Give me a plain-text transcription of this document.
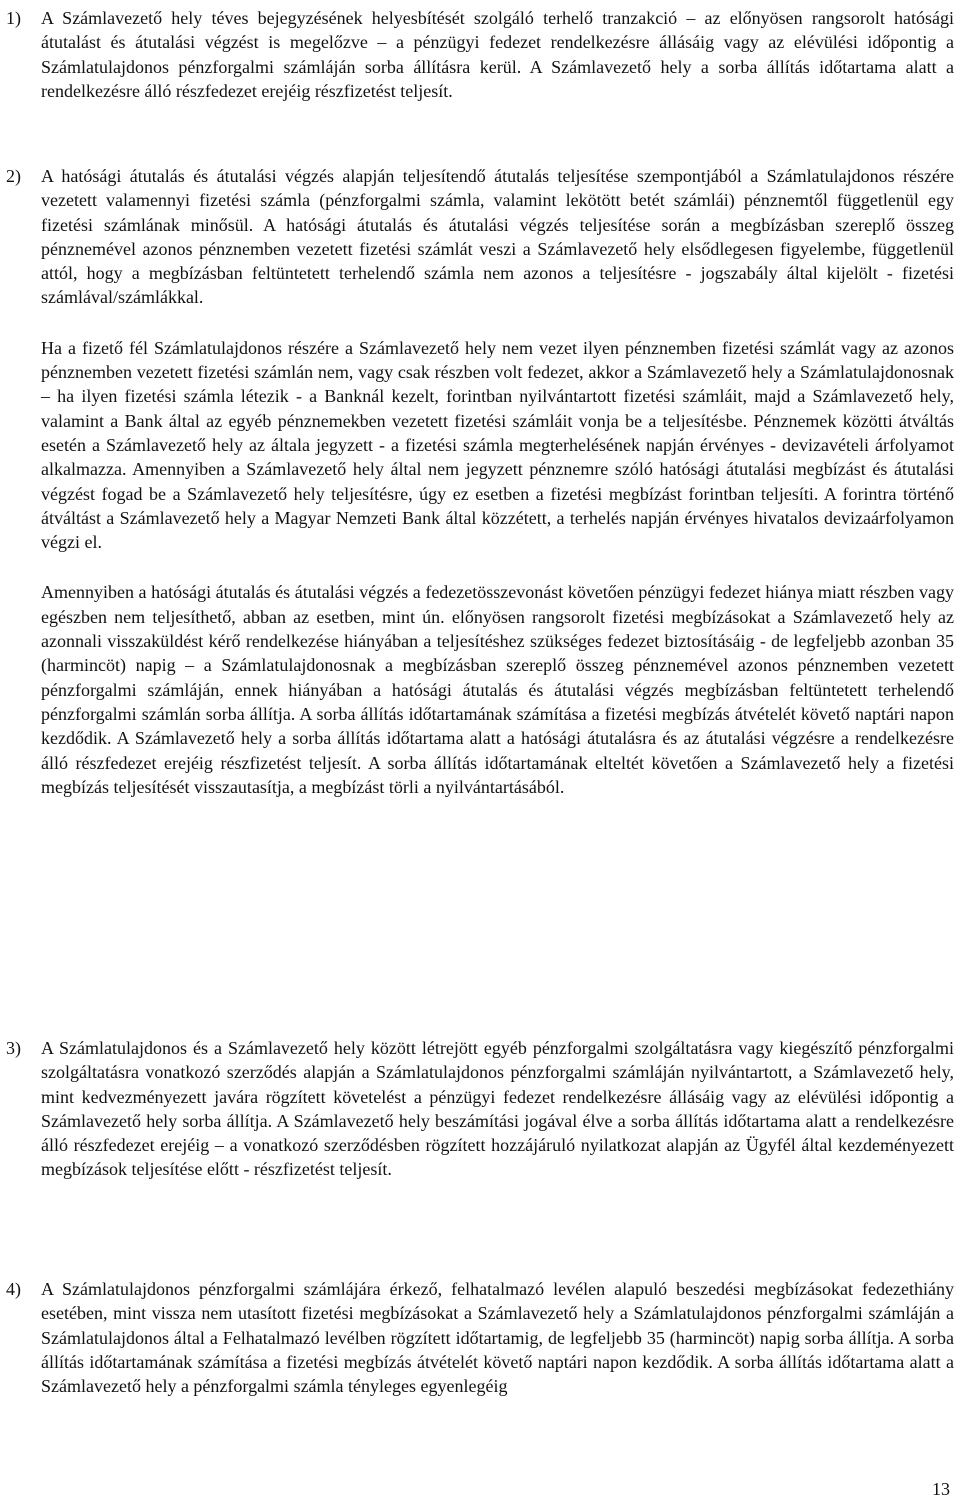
1)	A Számlavezető hely téves bejegyzésének helyesbítését szolgáló terhelő tranzakció – az előnyösen rangsorolt hatósági átutalást és átutalási végzést is megelőzve – a pénzügyi fedezet rendelkezésre állásáig vagy az elévülési időpontig a Számlatulajdonos pénzforgalmi számláján sorba állításra kerül. A Számlavezető hely a sorba állítás időtartama alatt a rendelkezésre álló részfedezet erejéig részfizetést teljesít.

2)	A hatósági átutalás és átutalási végzés alapján teljesítendő átutalás teljesítése szempontjából a Számlatulajdonos részére vezetett valamennyi fizetési számla (pénzforgalmi számla, valamint lekötött betét számlái) pénznemtől függetlenül egy fizetési számlának minősül. A hatósági átutalás és átutalási végzés teljesítése során a megbízásban szereplő összeg pénznemével azonos pénznemben vezetett fizetési számlát veszi a Számlavezető hely elsődlegesen figyelembe, függetlenül attól, hogy a megbízásban feltüntetett terhelendő számla nem azonos a teljesítésre - jogszabály által kijelölt - fizetési számlával/számlákkal.

Ha a fizető fél Számlatulajdonos részére a Számlavezető hely nem vezet ilyen pénznemben fizetési számlát vagy az azonos pénznemben vezetett fizetési számlán nem, vagy csak részben volt fedezet, akkor a Számlavezető hely a Számlatulajdonosnak – ha ilyen fizetési számla létezik - a Banknál kezelt, forintban nyilvántartott fizetési számláit, majd a Számlavezető hely, valamint a Bank által az egyéb pénznemekben vezetett fizetési számláit vonja be a teljesítésbe. Pénznemek közötti átváltás esetén a Számlavezető hely az általa jegyzett - a fizetési számla megterhelésének napján érvényes - devizavételi árfolyamot alkalmazza. Amennyiben a Számlavezető hely által nem jegyzett pénznemre szóló hatósági átutalási megbízást és átutalási végzést fogad be a Számlavezető hely teljesítésre, úgy ez esetben a fizetési megbízást forintban teljesíti. A forintra történő átváltást a Számlavezető hely a Magyar Nemzeti Bank által közzétett, a terhelés napján érvényes hivatalos devizaárfolyamon végzi el.

Amennyiben a hatósági átutalás és átutalási végzés a fedezetösszevonást követően pénzügyi fedezet hiánya miatt részben vagy egészben nem teljesíthető, abban az esetben, mint ún. előnyösen rangsorolt fizetési megbízásokat a Számlavezető hely az azonnali visszaküldést kérő rendelkezése hiányában a teljesítéshez szükséges fedezet biztosításáig - de legfeljebb azonban 35 (harmincöt) napig – a Számlatulajdonosnak a megbízásban szereplő összeg pénznemével azonos pénznemben vezetett pénzforgalmi számláján, ennek hiányában a hatósági átutalás és átutalási végzés megbízásban feltüntetett terhelendő pénzforgalmi számlán sorba állítja. A sorba állítás időtartamának számítása a fizetési megbízás átvételét követő naptári napon kezdődik. A Számlavezető hely a sorba állítás időtartama alatt a hatósági átutalásra és az átutalási végzésre a rendelkezésre álló részfedezet erejéig részfizetést teljesít. A sorba állítás időtartamának elteltét követően a Számlavezető hely a fizetési megbízás teljesítését visszautasítja, a megbízást törli a nyilvántartásából.

3)	A Számlatulajdonos és a Számlavezető hely között létrejött egyéb pénzforgalmi szolgáltatásra vagy kiegészítő pénzforgalmi szolgáltatásra vonatkozó szerződés alapján a Számlatulajdonos pénzforgalmi számláján nyilvántartott, a Számlavezető hely, mint kedvezményezett javára rögzített követelést a pénzügyi fedezet rendelkezésre állásáig vagy az elévülési időpontig a Számlavezető hely sorba állítja. A Számlavezető hely beszámítási jogával élve a sorba állítás időtartama alatt a rendelkezésre álló részfedezet erejéig – a vonatkozó szerződésben rögzített hozzájáruló nyilatkozat alapján az Ügyfél által kezdeményezett megbízások teljesítése előtt - részfizetést teljesít.

4)	A Számlatulajdonos pénzforgalmi számlájára érkező, felhatalmazó levélen alapuló beszedési megbízásokat fedezethiány esetében, mint vissza nem utasított fizetési megbízásokat a Számlavezető hely a Számlatulajdonos pénzforgalmi számláján a Számlatulajdonos által a Felhatalmazó levélben rögzített időtartamig, de legfeljebb 35 (harmincöt) napig sorba állítja. A sorba állítás időtartamának számítása a fizetési megbízás átvételét követő naptári napon kezdődik. A sorba állítás időtartama alatt a Számlavezető hely a pénzforgalmi számla tényleges egyenlegéig

13
